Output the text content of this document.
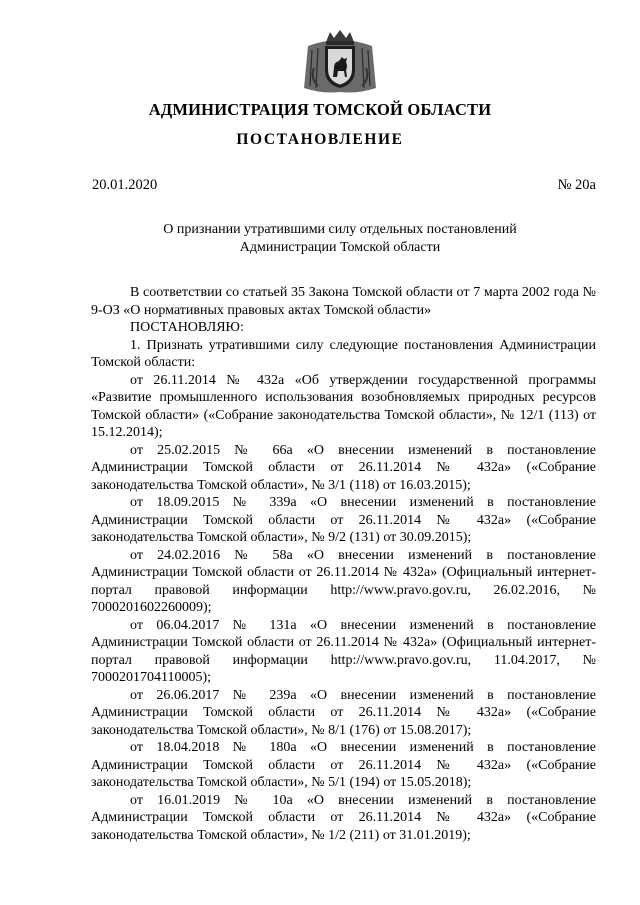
АДМИНИСТРАЦИЯ ТОМСКОЙ ОБЛАСТИ
ПОСТАНОВЛЕНИЕ
20.01.2020	№ 20а
О признании утратившими силу отдельных постановлений
Администрации Томской области
В соответствии со статьей 35 Закона Томской области от 7 марта 2002 года № 9-ОЗ «О нормативных правовых актах Томской области»
ПОСТАНОВЛЯЮ:
1. Признать утратившими силу следующие постановления Администрации Томской области:
от 26.11.2014 № 432а «Об утверждении государственной программы «Развитие промышленного использования возобновляемых природных ресурсов Томской области» («Собрание законодательства Томской области», № 12/1 (113) от 15.12.2014);
от 25.02.2015 № 66а «О внесении изменений в постановление Администрации Томской области от 26.11.2014 № 432а» («Собрание законодательства Томской области», № 3/1 (118) от 16.03.2015);
от 18.09.2015 № 339а «О внесении изменений в постановление Администрации Томской области от 26.11.2014 № 432а» («Собрание законодательства Томской области», № 9/2 (131) от 30.09.2015);
от 24.02.2016 № 58а «О внесении изменений в постановление Администрации Томской области от 26.11.2014 № 432а» (Официальный интернет-портал правовой информации http://www.pravo.gov.ru, 26.02.2016, № 7000201602260009);
от 06.04.2017 № 131а «О внесении изменений в постановление Администрации Томской области от 26.11.2014 № 432а» (Официальный интернет-портал правовой информации http://www.pravo.gov.ru, 11.04.2017, № 7000201704110005);
от 26.06.2017 № 239а «О внесении изменений в постановление Администрации Томской области от 26.11.2014 № 432а» («Собрание законодательства Томской области», № 8/1 (176) от 15.08.2017);
от 18.04.2018 № 180а «О внесении изменений в постановление Администрации Томской области от 26.11.2014 № 432а» («Собрание законодательства Томской области», № 5/1 (194) от 15.05.2018);
от 16.01.2019 № 10а «О внесении изменений в постановление Администрации Томской области от 26.11.2014 № 432а» («Собрание законодательства Томской области», № 1/2 (211) от 31.01.2019);
